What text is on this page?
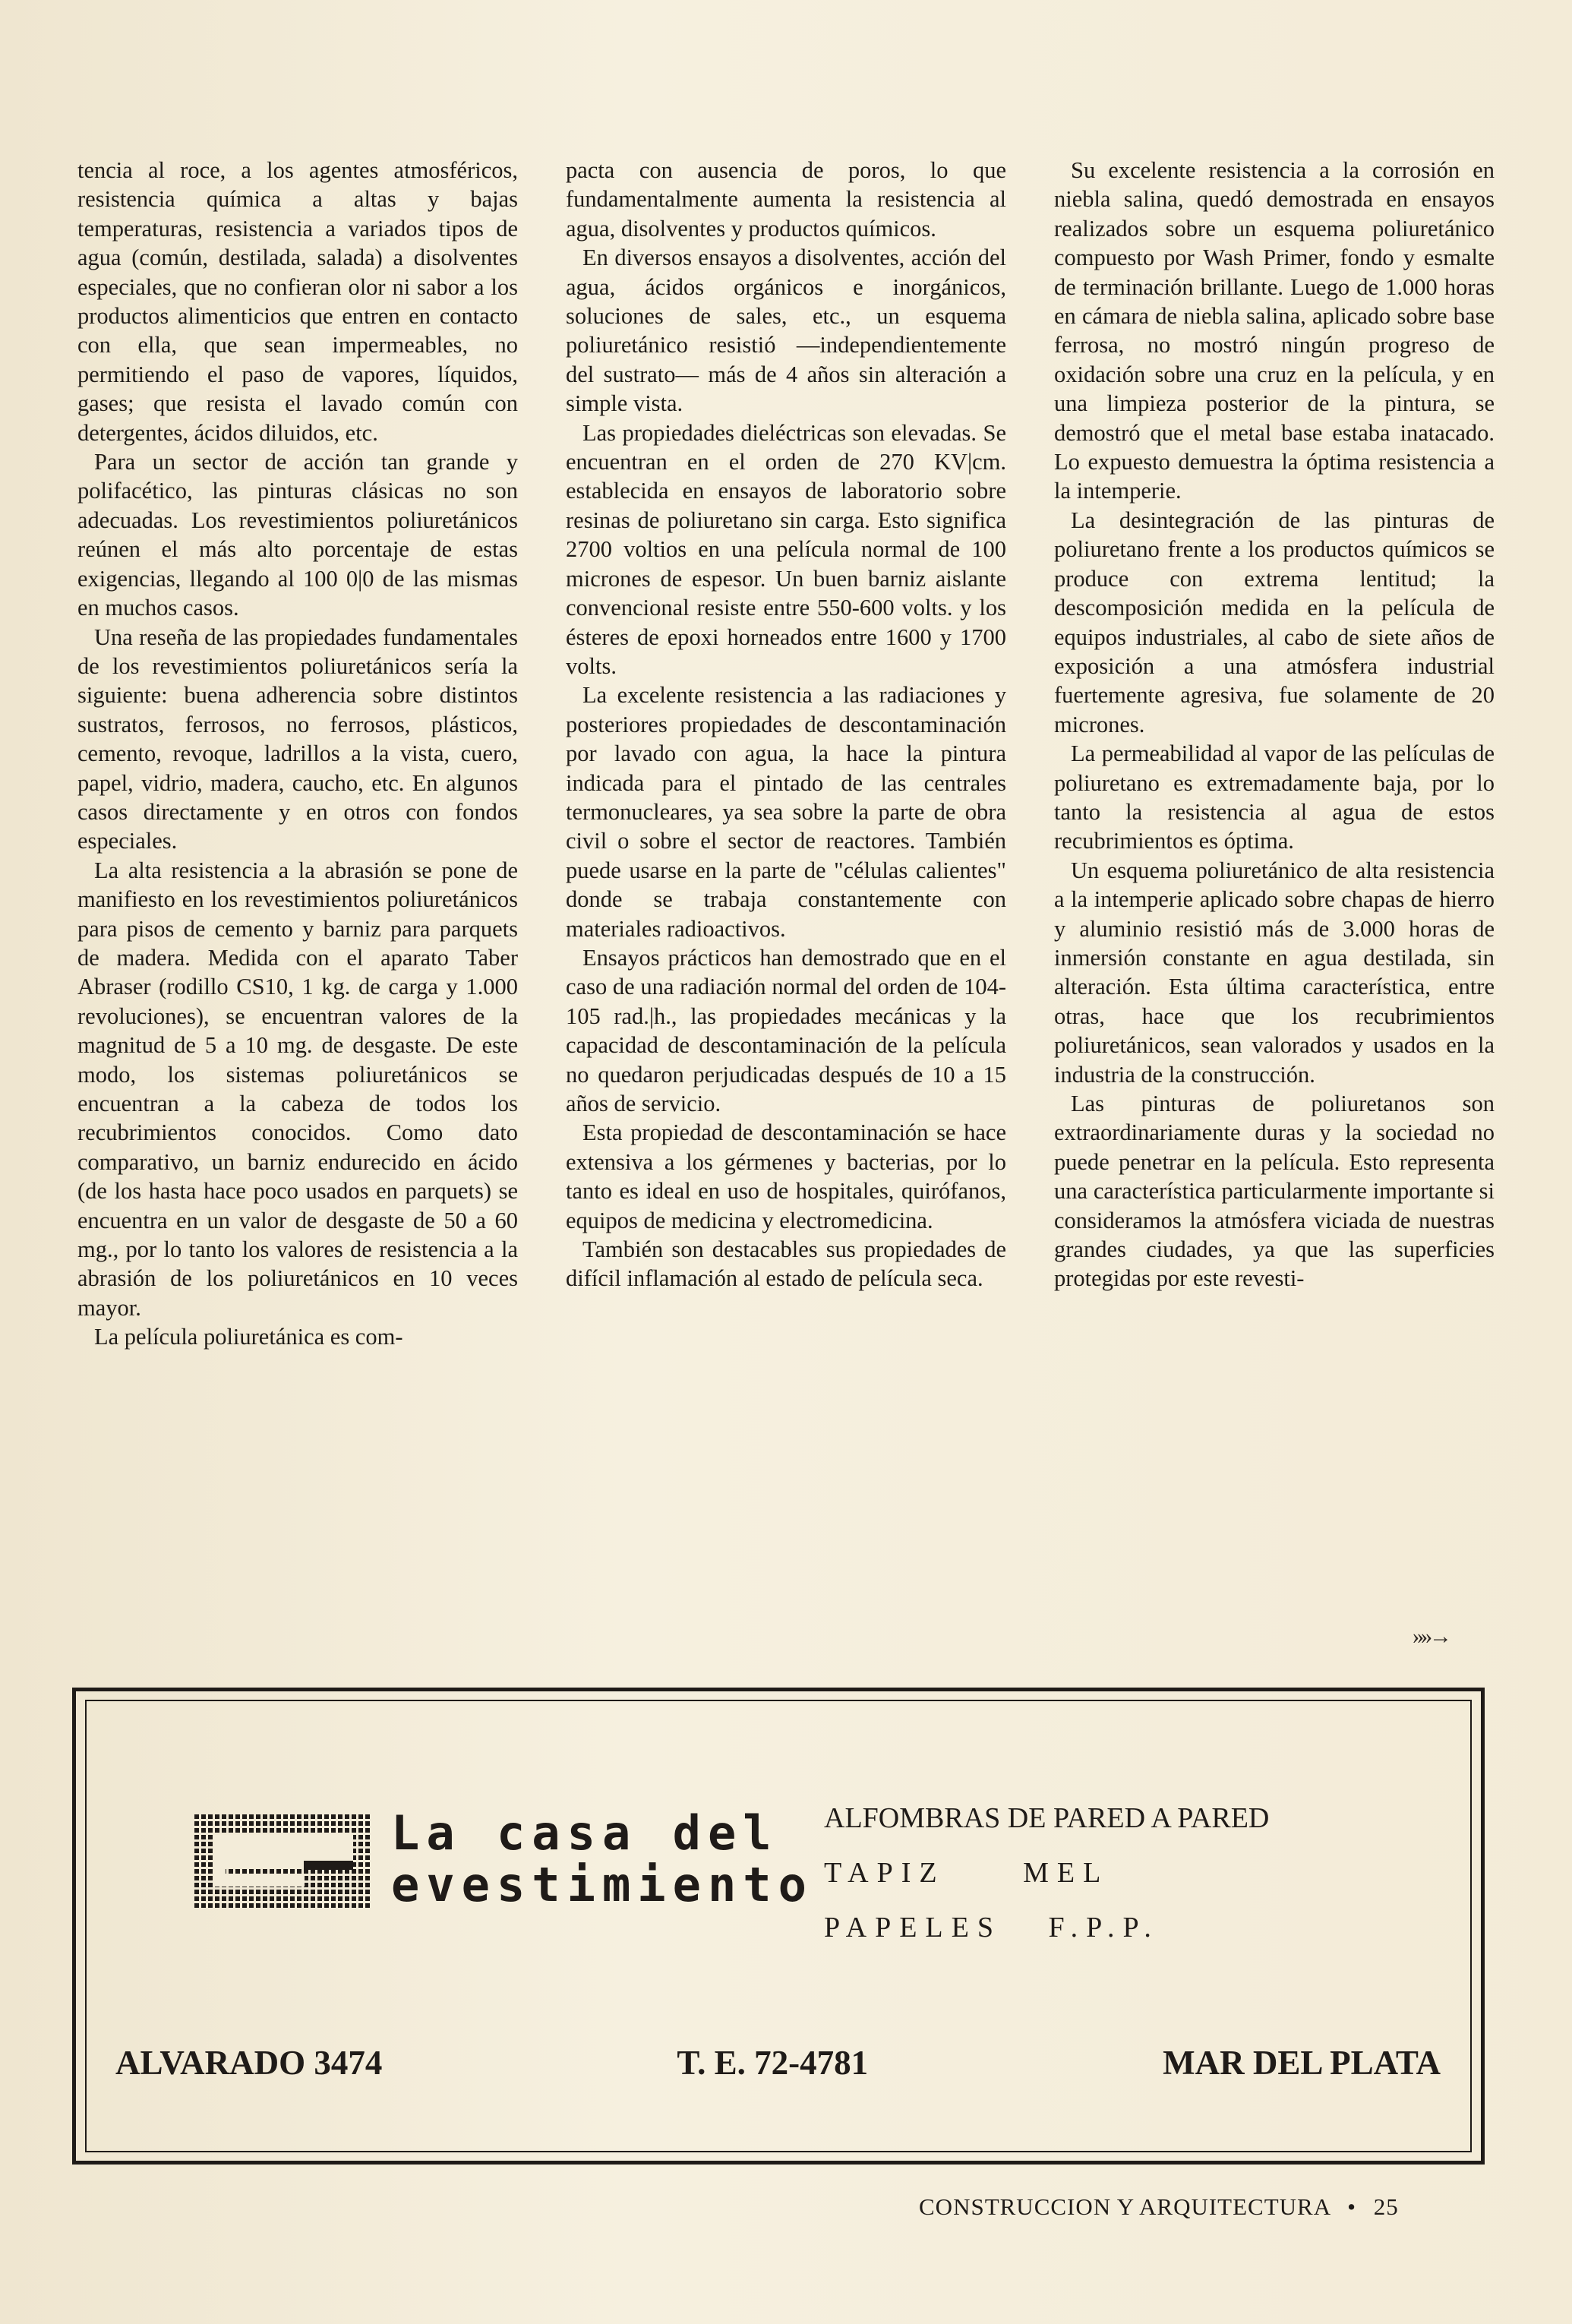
tencia al roce, a los agentes atmosféricos, resistencia química a altas y bajas temperaturas, resistencia a variados tipos de agua (común, destilada, salada) a disolventes especiales, que no confieran olor ni sabor a los productos alimenticios que entren en contacto con ella, que sean impermeables, no permitiendo el paso de vapores, líquidos, gases; que resista el lavado común con detergentes, ácidos diluidos, etc.

Para un sector de acción tan grande y polifacético, las pinturas clásicas no son adecuadas. Los revestimientos poliuretánicos reúnen el más alto porcentaje de estas exigencias, llegando al 100 0|0 de las mismas en muchos casos.

Una reseña de las propiedades fundamentales de los revestimientos poliuretánicos sería la siguiente: buena adherencia sobre distintos sustratos, ferrosos, no ferrosos, plásticos, cemento, revoque, ladrillos a la vista, cuero, papel, vidrio, madera, caucho, etc. En algunos casos directamente y en otros con fondos especiales.

La alta resistencia a la abrasión se pone de manifiesto en los revestimientos poliuretánicos para pisos de cemento y barniz para parquets de madera. Medida con el aparato Taber Abraser (rodillo CS10, 1 kg. de carga y 1.000 revoluciones), se encuentran valores de la magnitud de 5 a 10 mg. de desgaste. De este modo, los sistemas poliuretánicos se encuentran a la cabeza de todos los recubrimientos conocidos. Como dato comparativo, un barniz endurecido en ácido (de los hasta hace poco usados en parquets) se encuentra en un valor de desgaste de 50 a 60 mg., por lo tanto los valores de resistencia a la abrasión de los poliuretánicos en 10 veces mayor.

La película poliuretánica es com-

pacta con ausencia de poros, lo que fundamentalmente aumenta la resistencia al agua, disolventes y productos químicos.

En diversos ensayos a disolventes, acción del agua, ácidos orgánicos e inorgánicos, soluciones de sales, etc., un esquema poliuretánico resistió —independientemente del sustrato— más de 4 años sin alteración a simple vista.

Las propiedades dieléctricas son elevadas. Se encuentran en el orden de 270 KV|cm. establecida en ensayos de laboratorio sobre resinas de poliuretano sin carga. Esto significa 2700 voltios en una película normal de 100 micrones de espesor. Un buen barniz aislante convencional resiste entre 550-600 volts. y los ésteres de epoxi horneados entre 1600 y 1700 volts.

La excelente resistencia a las radiaciones y posteriores propiedades de descontaminación por lavado con agua, la hace la pintura indicada para el pintado de las centrales termonucleares, ya sea sobre la parte de obra civil o sobre el sector de reactores. También puede usarse en la parte de "células calientes" donde se trabaja constantemente con materiales radioactivos.

Ensayos prácticos han demostrado que en el caso de una radiación normal del orden de 104-105 rad.|h., las propiedades mecánicas y la capacidad de descontaminación de la película no quedaron perjudicadas después de 10 a 15 años de servicio.

Esta propiedad de descontaminación se hace extensiva a los gérmenes y bacterias, por lo tanto es ideal en uso de hospitales, quirófanos, equipos de medicina y electromedicina.

También son destacables sus propiedades de difícil inflamación al estado de película seca.

Su excelente resistencia a la corrosión en niebla salina, quedó demostrada en ensayos realizados sobre un esquema poliuretánico compuesto por Wash Primer, fondo y esmalte de terminación brillante. Luego de 1.000 horas en cámara de niebla salina, aplicado sobre base ferrosa, no mostró ningún progreso de oxidación sobre una cruz en la película, y en una limpieza posterior de la pintura, se demostró que el metal base estaba inatacado. Lo expuesto demuestra la óptima resistencia a la intemperie.

La desintegración de las pinturas de poliuretano frente a los productos químicos se produce con extrema lentitud; la descomposición medida en la película de equipos industriales, al cabo de siete años de exposición a una atmósfera industrial fuertemente agresiva, fue solamente de 20 micrones.

La permeabilidad al vapor de las películas de poliuretano es extremadamente baja, por lo tanto la resistencia al agua de estos recubrimientos es óptima.

Un esquema poliuretánico de alta resistencia a la intemperie aplicado sobre chapas de hierro y aluminio resistió más de 3.000 horas de inmersión constante en agua destilada, sin alteración. Esta última característica, entre otras, hace que los recubrimientos poliuretánicos, sean valorados y usados en la industria de la construcción.

Las pinturas de poliuretanos son extraordinariamente duras y la sociedad no puede penetrar en la película. Esto representa una característica particularmente importante si consideramos la atmósfera viciada de nuestras grandes ciudades, ya que las superficies protegidas por este revesti-

»»→
La casa del
evestimiento
ALFOMBRAS DE PARED A PARED
TAPIZ     MEL
PAPELES   F.P.P.
ALVARADO 3474	T. E. 72-4781	MAR DEL PLATA
CONSTRUCCION Y ARQUITECTURA • 25
